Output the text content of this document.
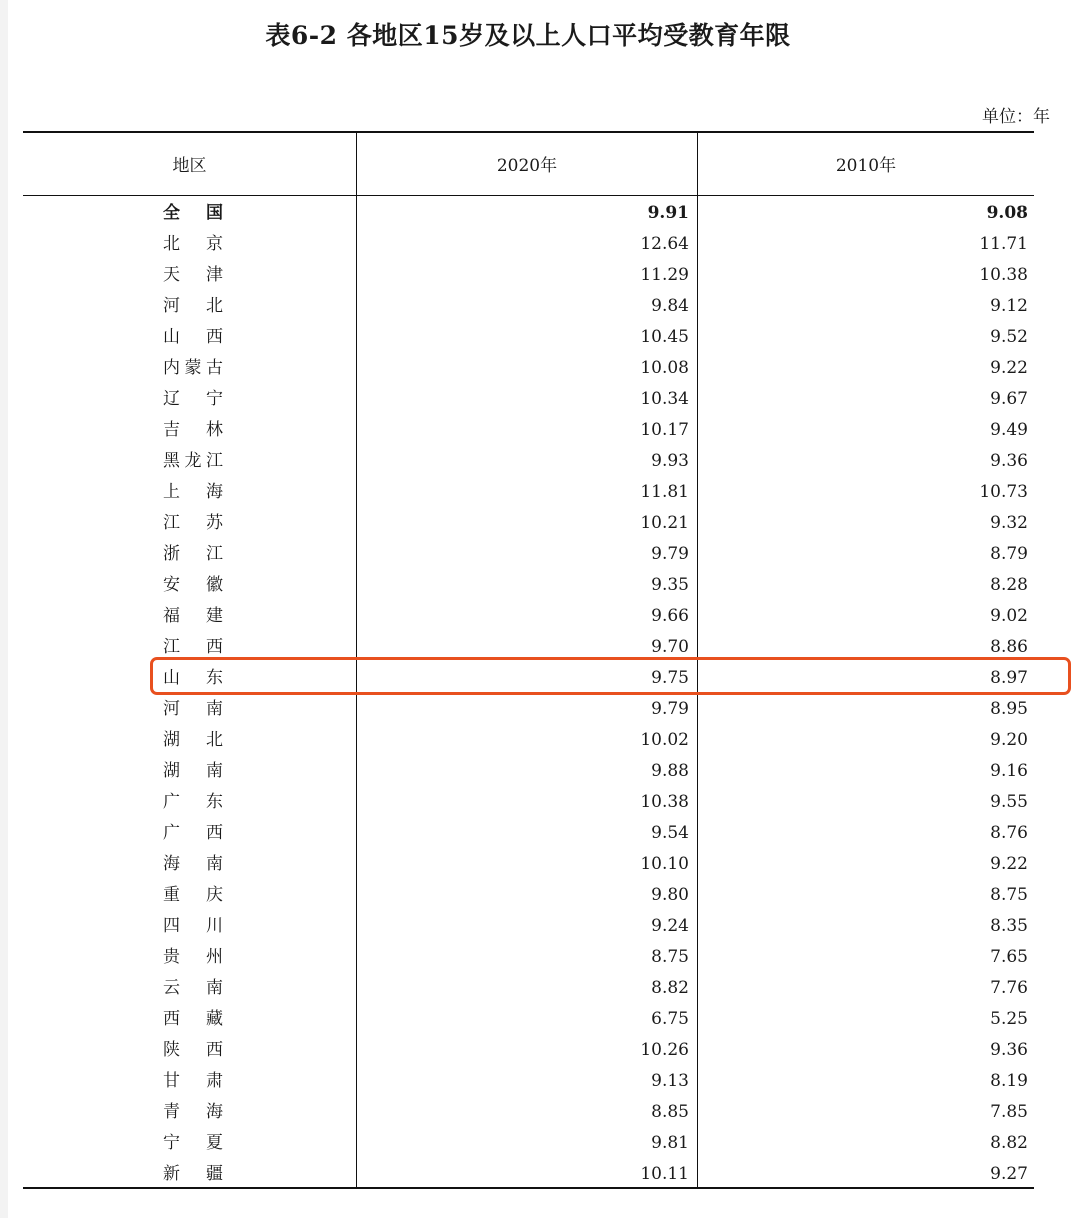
表6-2 各地区15岁及以上人口平均受教育年限
单位：年
地区	2020年	2010年
全 国	9.91	9.08
北 京	12.64	11.71
天 津	11.29	10.38
河 北	9.84	9.12
山 西	10.45	9.52
内 蒙 古	10.08	9.22
辽 宁	10.34	9.67
吉 林	10.17	9.49
黑 龙 江	9.93	9.36
上 海	11.81	10.73
江 苏	10.21	9.32
浙 江	9.79	8.79
安 徽	9.35	8.28
福 建	9.66	9.02
江 西	9.70	8.86
山 东	9.75	8.97
河 南	9.79	8.95
湖 北	10.02	9.20
湖 南	9.88	9.16
广 东	10.38	9.55
广 西	9.54	8.76
海 南	10.10	9.22
重 庆	9.80	8.75
四 川	9.24	8.35
贵 州	8.75	7.65
云 南	8.82	7.76
西 藏	6.75	5.25
陕 西	10.26	9.36
甘 肃	9.13	8.19
青 海	8.85	7.85
宁 夏	9.81	8.82
新 疆	10.11	9.27
